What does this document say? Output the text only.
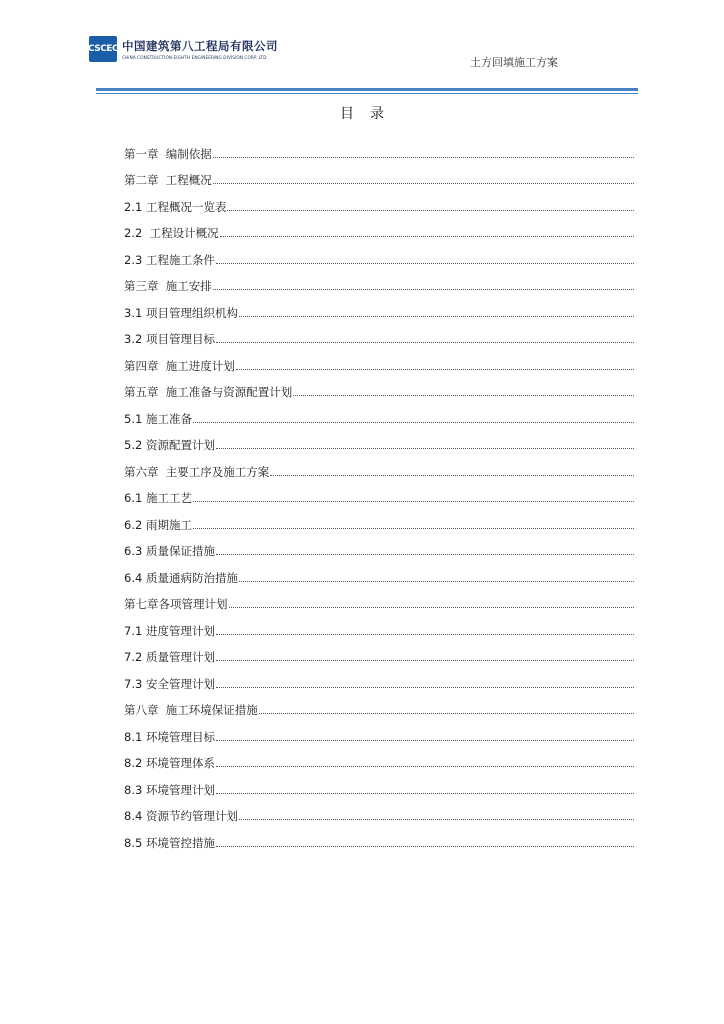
CSCEC 中国建筑第八工程局有限公司
CHINA CONSTRUCTION EIGHTH ENGINEERING DIVISION CORP. LTD	土方回填施工方案
目录
第一章  编制依据
第二章  工程概况
2.1 工程概况一览表
2.2  工程设计概况
2.3 工程施工条件
第三章  施工安排
3.1 项目管理组织机构
3.2 项目管理目标
第四章  施工进度计划
第五章  施工准备与资源配置计划
5.1 施工准备
5.2 资源配置计划
第六章  主要工序及施工方案
6.1 施工工艺
6.2 雨期施工
6.3 质量保证措施
6.4 质量通病防治措施
第七章各项管理计划
7.1 进度管理计划
7.2 质量管理计划
7.3 安全管理计划
第八章  施工环境保证措施
8.1 环境管理目标
8.2 环境管理体系
8.3 环境管理计划
8.4 资源节约管理计划
8.5 环境管控措施
